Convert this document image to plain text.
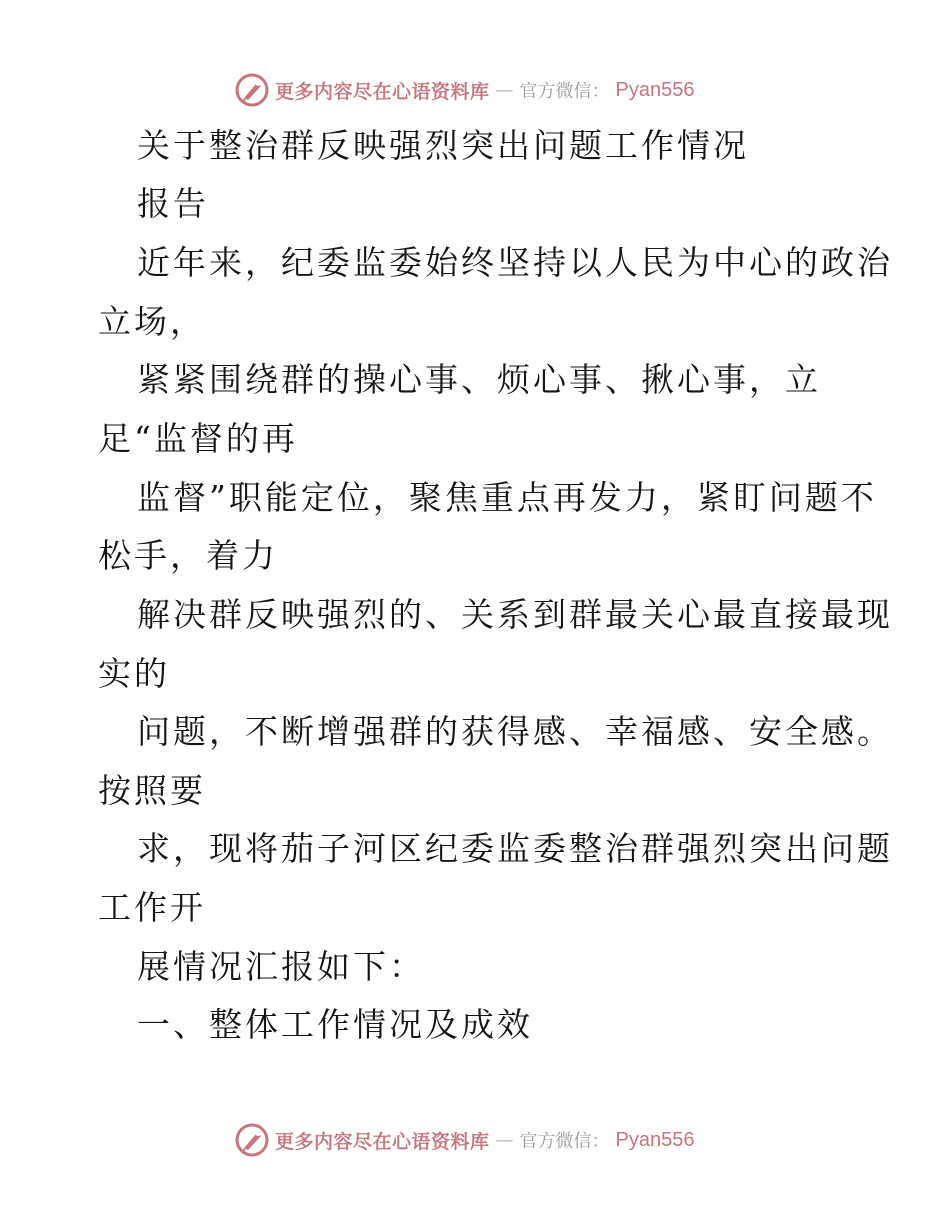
更多内容尽在心语资料库 — 官方微信： Pyan556

关于整治群反映强烈突出问题工作情况

报告

近年来，纪委监委始终坚持以人民为中心的政治

立场，

紧紧围绕群的操心事、烦心事、揪心事，立

足“监督的再

监督”职能定位，聚焦重点再发力，紧盯问题不

松手，着力

解决群反映强烈的、关系到群最关心最直接最现

实的

问题，不断增强群的获得感、幸福感、安全感。

按照要

求，现将茄子河区纪委监委整治群强烈突出问题

工作开

展情况汇报如下：

一、整体工作情况及成效

更多内容尽在心语资料库 — 官方微信： Pyan556
